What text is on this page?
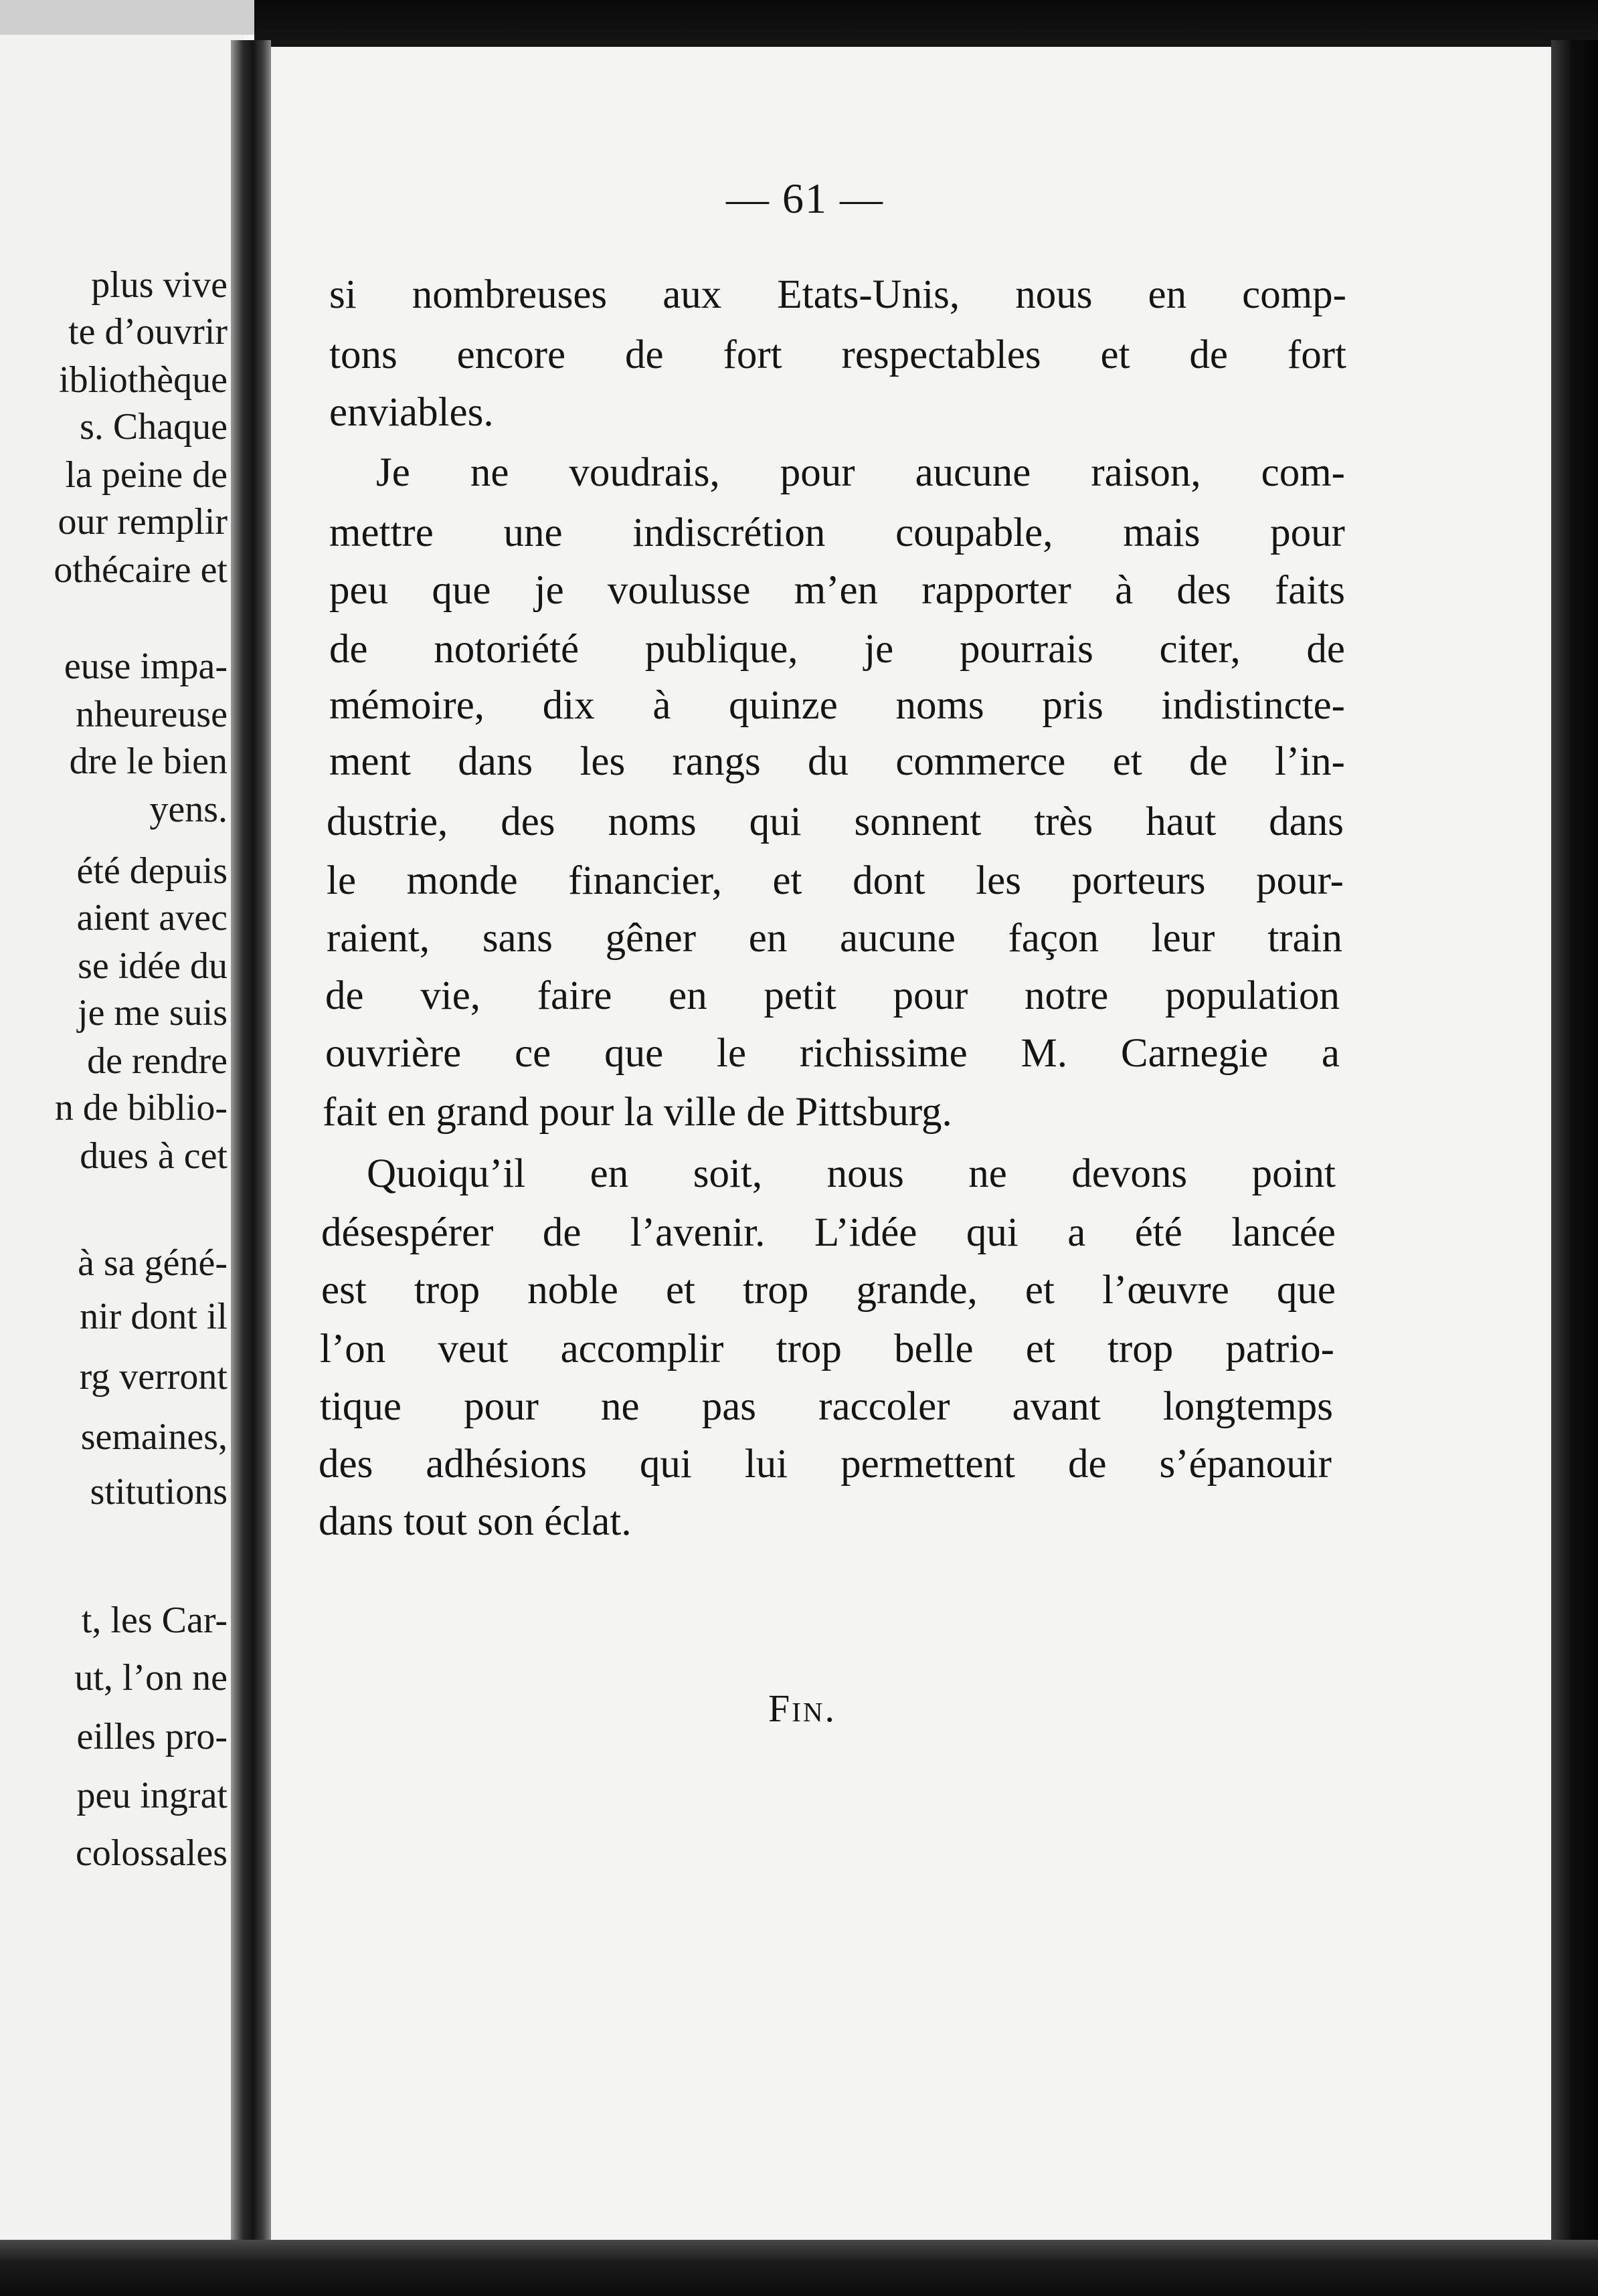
plus vive
te d’ouvrir
ibliothèque
s. Chaque
la peine de
our remplir
othécaire et
euse impa-
nheureuse
dre le bien
yens.
été depuis
aient avec
se idée du
je me suis
de rendre
n de biblio-
dues à cet
à sa géné-
nir dont il
rg verront
semaines,
stitutions
t, les Car-
ut, l’on ne
eilles pro-
peu ingrat
colossales
— 61 —
si nombreuses aux Etats-Unis, nous en comp-
tons encore de fort respectables et de fort
enviables.
Je ne voudrais, pour aucune raison, com-
mettre une indiscrétion coupable, mais pour
peu que je voulusse m’en rapporter à des faits
de notoriété publique, je pourrais citer, de
mémoire, dix à quinze noms pris indistincte-
ment dans les rangs du commerce et de l’in-
dustrie, des noms qui sonnent très haut dans
le monde financier, et dont les porteurs pour-
raient, sans gêner en aucune façon leur train
de vie, faire en petit pour notre population
ouvrière ce que le richissime M. Carnegie a
fait en grand pour la ville de Pittsburg.
Quoiqu’il en soit, nous ne devons point
désespérer de l’avenir. L’idée qui a été lancée
est trop noble et trop grande, et l’œuvre que
l’on veut accomplir trop belle et trop patrio-
tique pour ne pas raccoler avant longtemps
des adhésions qui lui permettent de s’épanouir
dans tout son éclat.
Fin.
